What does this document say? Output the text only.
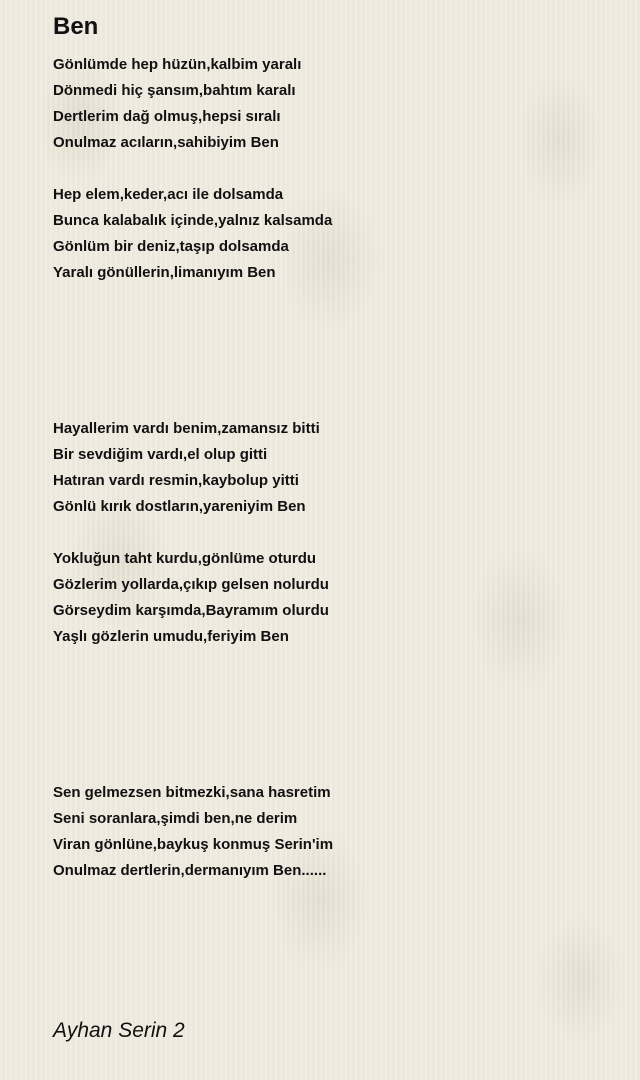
Ben
Gönlümde hep hüzün,kalbim yaralı
Dönmedi hiç şansım,bahtım karalı
Dertlerim dağ olmuş,hepsi sıralı
Onulmaz acıların,sahibiyim Ben
Hep elem,keder,acı ile dolsamda
Bunca kalabalık içinde,yalnız kalsamda
Gönlüm bir deniz,taşıp dolsamda
Yaralı gönüllerin,limanıyım Ben
Hayallerim vardı benim,zamansız bitti
Bir sevdiğim vardı,el olup gitti
Hatıran vardı resmin,kaybolup yitti
Gönlü kırık dostların,yareniyim Ben
Yokluğun taht kurdu,gönlüme oturdu
Gözlerim yollarda,çıkıp gelsen nolurdu
Görseydim karşımda,Bayramım olurdu
Yaşlı gözlerin umudu,feriyim Ben
Sen gelmezsen bitmezki,sana hasretim
Seni soranlara,şimdi ben,ne derim
Viran gönlüne,baykuş konmuş Serin'im
Onulmaz dertlerin,dermanıyım Ben......
Ayhan Serin 2
